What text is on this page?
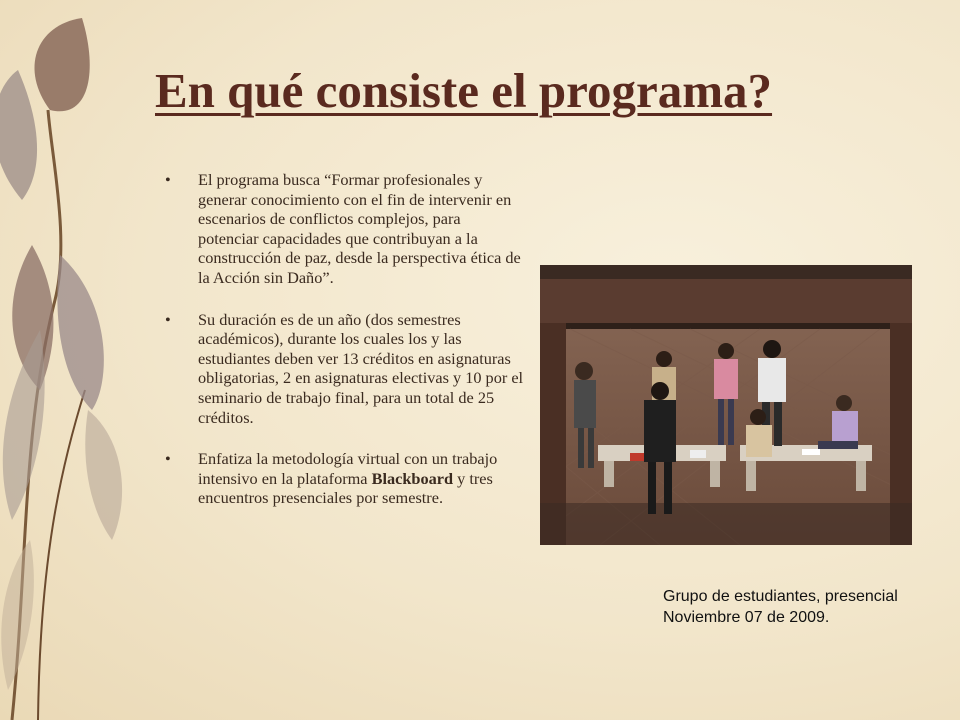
En qué consiste el programa?
• El programa busca “Formar profesionales y generar conocimiento con el fin de intervenir en escenarios de conflictos complejos, para potenciar capacidades que contribuyan a la construcción de paz, desde la perspectiva ética de la Acción sin Daño”.
• Su duración es de un año (dos semestres académicos), durante los cuales los y las estudiantes deben ver 13 créditos en asignaturas obligatorias, 2 en asignaturas electivas y 10 por el seminario de trabajo final, para un total de 25 créditos.
• Enfatiza la metodología virtual con un trabajo intensivo en la plataforma Blackboard y tres encuentros presenciales por semestre.
Grupo de estudiantes, presencial Noviembre 07 de 2009.
